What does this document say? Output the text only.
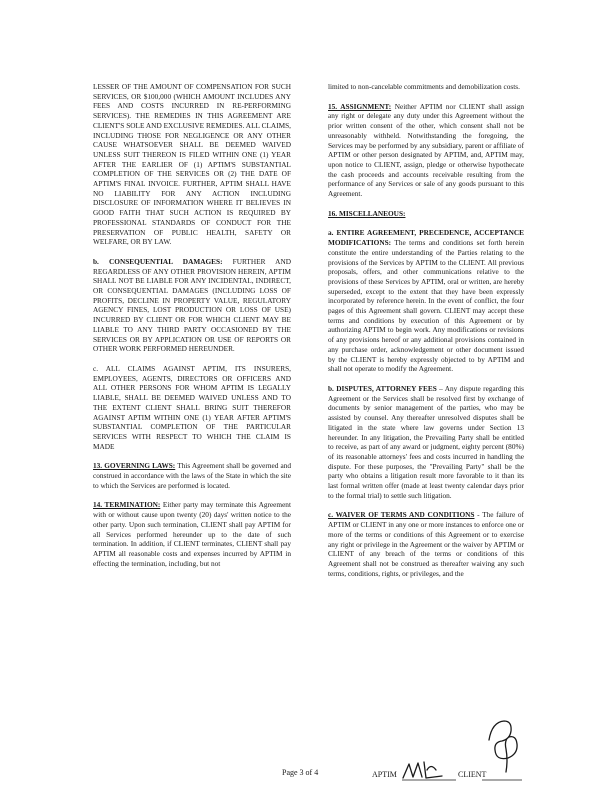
LESSER OF THE AMOUNT OF COMPENSATION FOR SUCH SERVICES, OR $100,000 (WHICH AMOUNT INCLUDES ANY FEES AND COSTS INCURRED IN RE-PERFORMING SERVICES). THE REMEDIES IN THIS AGREEMENT ARE CLIENT'S SOLE AND EXCLUSIVE REMEDIES. ALL CLAIMS, INCLUDING THOSE FOR NEGLIGENCE OR ANY OTHER CAUSE WHATSOEVER SHALL BE DEEMED WAIVED UNLESS SUIT THEREON IS FILED WITHIN ONE (1) YEAR AFTER THE EARLIER OF (1) APTIM'S SUBSTANTIAL COMPLETION OF THE SERVICES OR (2) THE DATE OF APTIM'S FINAL INVOICE. FURTHER, APTIM SHALL HAVE NO LIABILITY FOR ANY ACTION INCLUDING DISCLOSURE OF INFORMATION WHERE IT BELIEVES IN GOOD FAITH THAT SUCH ACTION IS REQUIRED BY PROFESSIONAL STANDARDS OF CONDUCT FOR THE PRESERVATION OF PUBLIC HEALTH, SAFETY OR WELFARE, OR BY LAW.

b. CONSEQUENTIAL DAMAGES: FURTHER AND REGARDLESS OF ANY OTHER PROVISION HEREIN, APTIM SHALL NOT BE LIABLE FOR ANY INCIDENTAL, INDIRECT, OR CONSEQUENTIAL DAMAGES (INCLUDING LOSS OF PROFITS, DECLINE IN PROPERTY VALUE, REGULATORY AGENCY FINES, LOST PRODUCTION OR LOSS OF USE) INCURRED BY CLIENT OR FOR WHICH CLIENT MAY BE LIABLE TO ANY THIRD PARTY OCCASIONED BY THE SERVICES OR BY APPLICATION OR USE OF REPORTS OR OTHER WORK PERFORMED HEREUNDER.

c. ALL CLAIMS AGAINST APTIM, ITS INSURERS, EMPLOYEES, AGENTS, DIRECTORS OR OFFICERS AND ALL OTHER PERSONS FOR WHOM APTIM IS LEGALLY LIABLE, SHALL BE DEEMED WAIVED UNLESS AND TO THE EXTENT CLIENT SHALL BRING SUIT THEREFOR AGAINST APTIM WITHIN ONE (1) YEAR AFTER APTIM'S SUBSTANTIAL COMPLETION OF THE PARTICULAR SERVICES WITH RESPECT TO WHICH THE CLAIM IS MADE

13. GOVERNING LAWS: This Agreement shall be governed and construed in accordance with the laws of the State in which the site to which the Services are performed is located.

14. TERMINATION: Either party may terminate this Agreement with or without cause upon twenty (20) days' written notice to the other party. Upon such termination, CLIENT shall pay APTIM for all Services performed hereunder up to the date of such termination. In addition, if CLIENT terminates, CLIENT shall pay APTIM all reasonable costs and expenses incurred by APTIM in effecting the termination, including, but not

limited to non-cancelable commitments and demobilization costs.

15. ASSIGNMENT: Neither APTIM nor CLIENT shall assign any right or delegate any duty under this Agreement without the prior written consent of the other, which consent shall not be unreasonably withheld. Notwithstanding the foregoing, the Services may be performed by any subsidiary, parent or affiliate of APTIM or other person designated by APTIM, and, APTIM may, upon notice to CLIENT, assign, pledge or otherwise hypothecate the cash proceeds and accounts receivable resulting from the performance of any Services or sale of any goods pursuant to this Agreement.

16. MISCELLANEOUS:

a. ENTIRE AGREEMENT, PRECEDENCE, ACCEPTANCE MODIFICATIONS: The terms and conditions set forth herein constitute the entire understanding of the Parties relating to the provisions of the Services by APTIM to the CLIENT. All previous proposals, offers, and other communications relative to the provisions of these Services by APTIM, oral or written, are hereby superseded, except to the extent that they have been expressly incorporated by reference herein. In the event of conflict, the four pages of this Agreement shall govern. CLIENT may accept these terms and conditions by execution of this Agreement or by authorizing APTIM to begin work. Any modifications or revisions of any provisions hereof or any additional provisions contained in any purchase order, acknowledgement or other document issued by the CLIENT is hereby expressly objected to by APTIM and shall not operate to modify the Agreement.

b. DISPUTES, ATTORNEY FEES – Any dispute regarding this Agreement or the Services shall be resolved first by exchange of documents by senior management of the parties, who may be assisted by counsel. Any thereafter unresolved disputes shall be litigated in the state where law governs under Section 13 hereunder. In any litigation, the Prevailing Party shall be entitled to receive, as part of any award or judgment, eighty percent (80%) of its reasonable attorneys' fees and costs incurred in handling the dispute. For these purposes, the "Prevailing Party" shall be the party who obtains a litigation result more favorable to it than its last formal written offer (made at least twenty calendar days prior to the formal trial) to settle such litigation.

c. WAIVER OF TERMS AND CONDITIONS - The failure of APTIM or CLIENT in any one or more instances to enforce one or more of the terms or conditions of this Agreement or to exercise any right or privilege in the Agreement or the waiver by APTIM or CLIENT of any breach of the terms or conditions of this Agreement shall not be construed as thereafter waiving any such terms, conditions, rights, or privileges, and the

Page 3 of 4	APTIM	CLIENT
